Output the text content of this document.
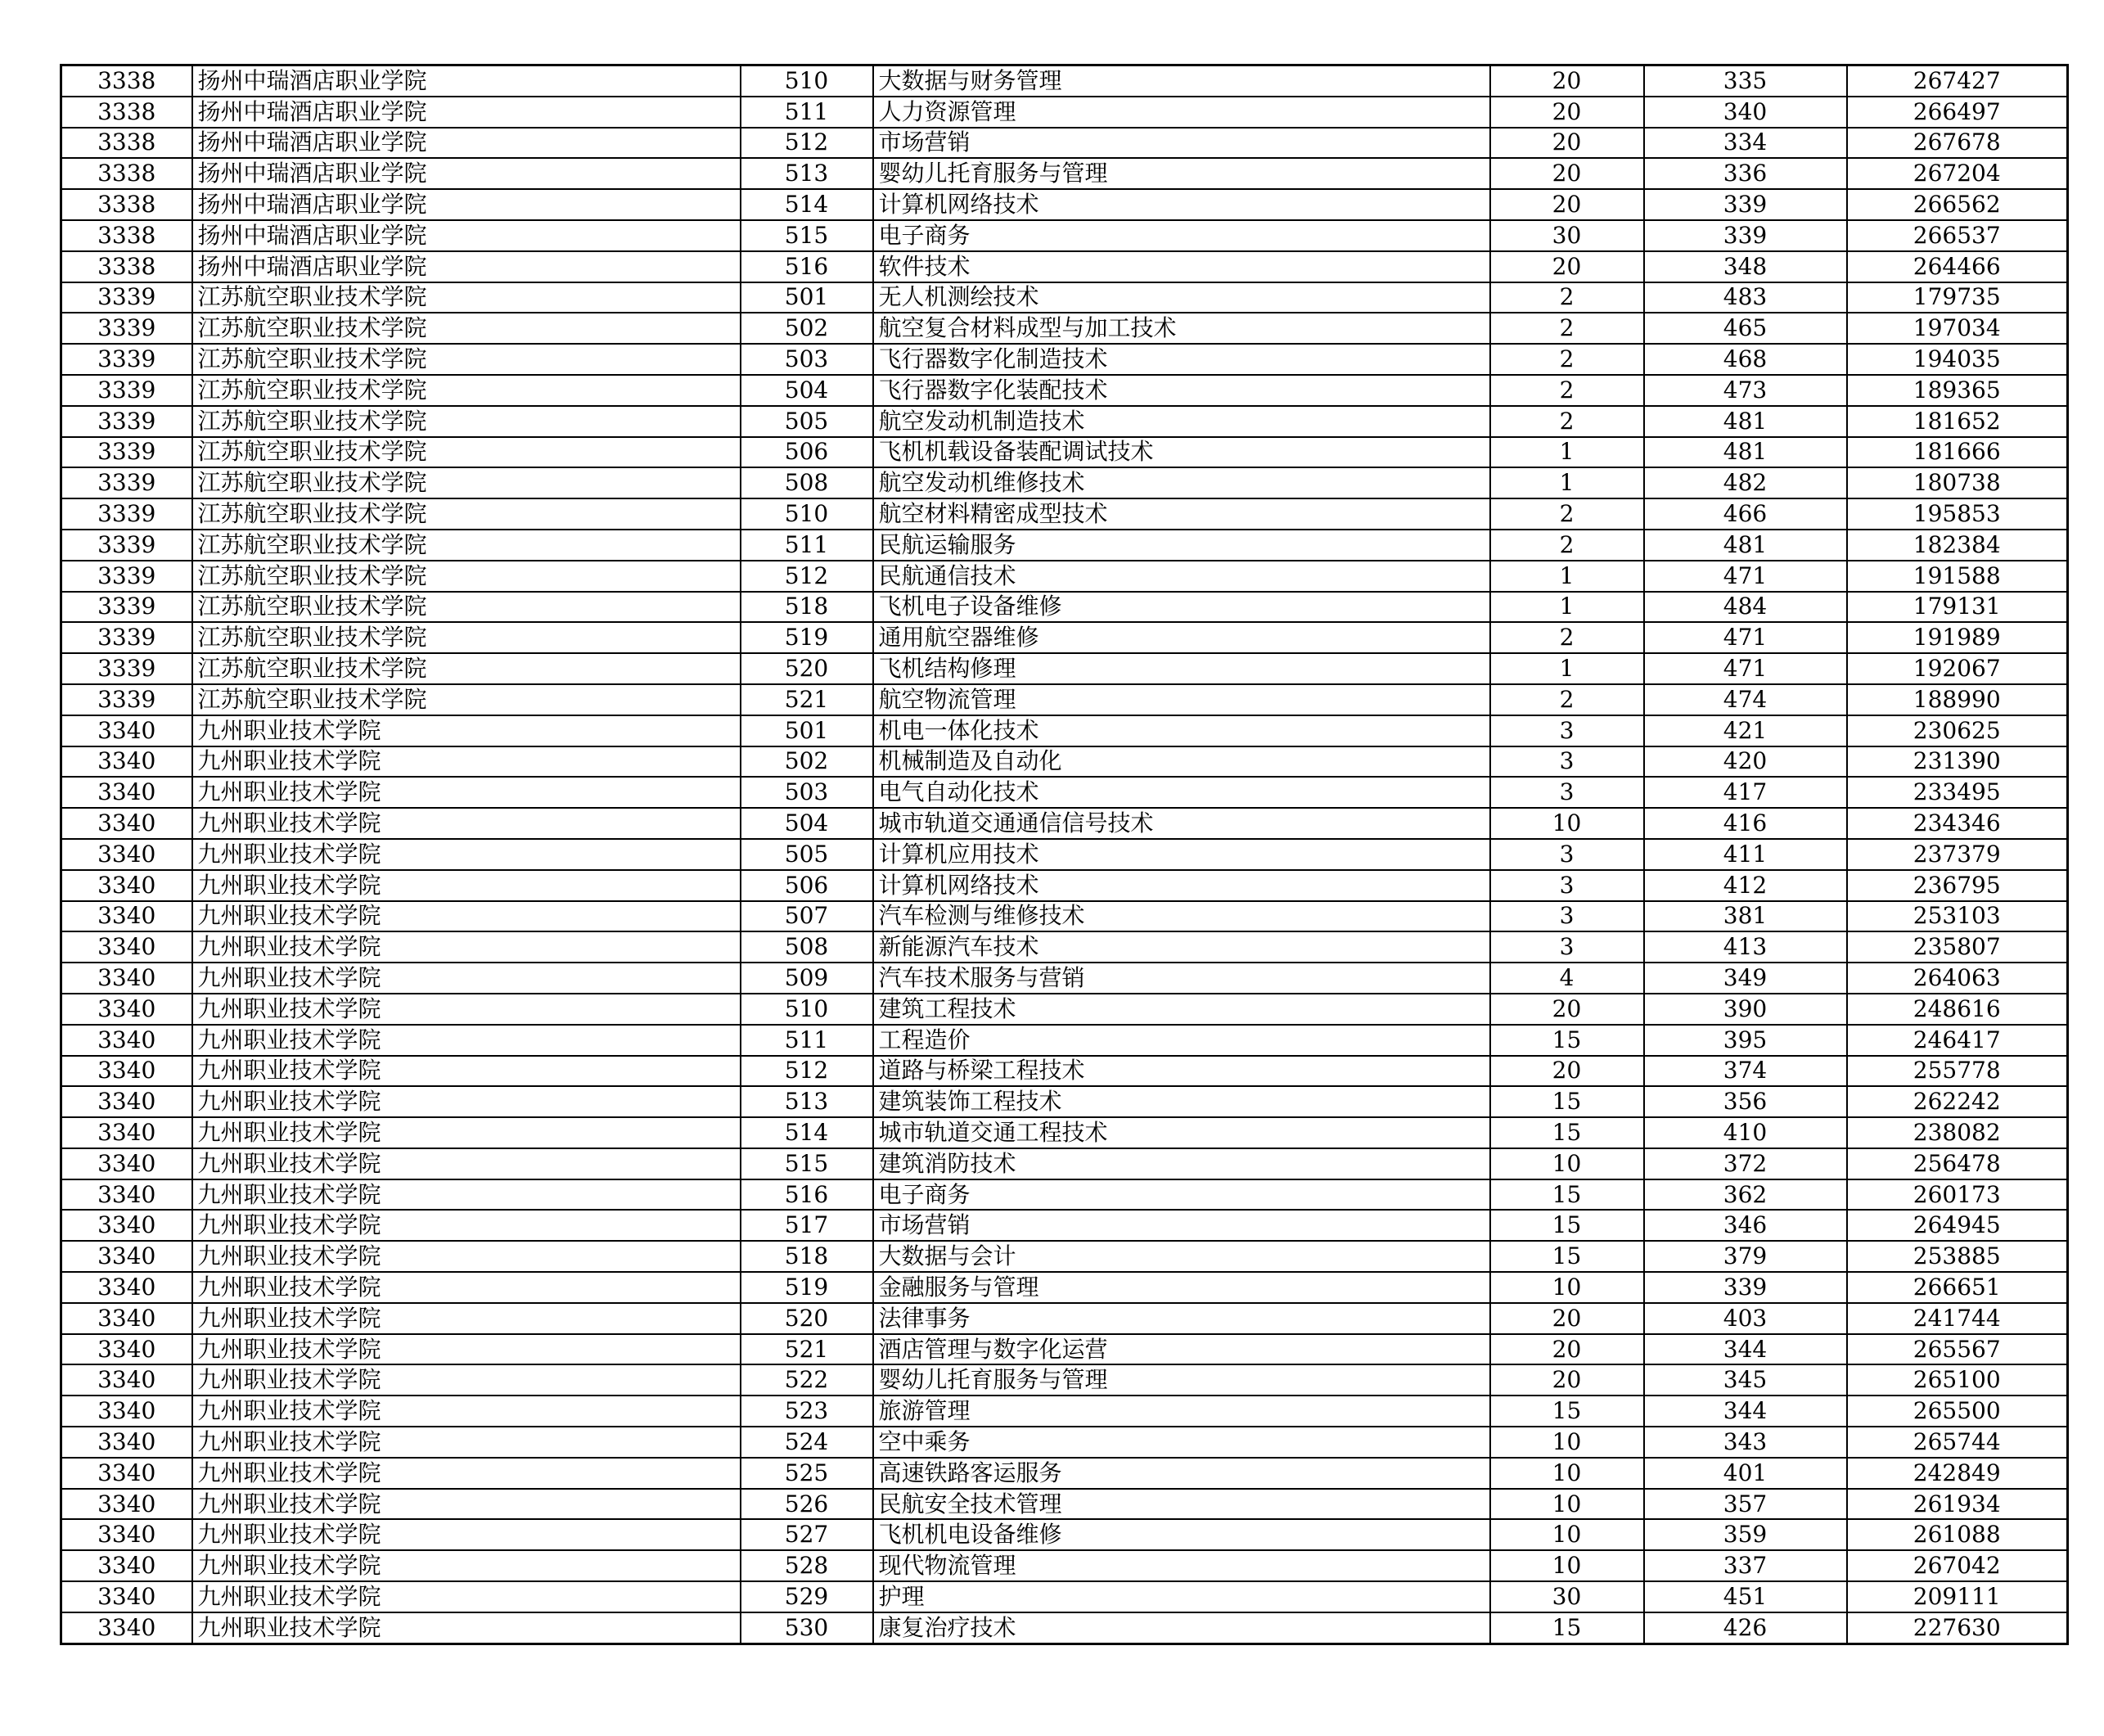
3338	扬州中瑞酒店职业学院	510	大数据与财务管理	20	335	267427
3338	扬州中瑞酒店职业学院	511	人力资源管理	20	340	266497
3338	扬州中瑞酒店职业学院	512	市场营销	20	334	267678
3338	扬州中瑞酒店职业学院	513	婴幼儿托育服务与管理	20	336	267204
3338	扬州中瑞酒店职业学院	514	计算机网络技术	20	339	266562
3338	扬州中瑞酒店职业学院	515	电子商务	30	339	266537
3338	扬州中瑞酒店职业学院	516	软件技术	20	348	264466
3339	江苏航空职业技术学院	501	无人机测绘技术	2	483	179735
3339	江苏航空职业技术学院	502	航空复合材料成型与加工技术	2	465	197034
3339	江苏航空职业技术学院	503	飞行器数字化制造技术	2	468	194035
3339	江苏航空职业技术学院	504	飞行器数字化装配技术	2	473	189365
3339	江苏航空职业技术学院	505	航空发动机制造技术	2	481	181652
3339	江苏航空职业技术学院	506	飞机机载设备装配调试技术	1	481	181666
3339	江苏航空职业技术学院	508	航空发动机维修技术	1	482	180738
3339	江苏航空职业技术学院	510	航空材料精密成型技术	2	466	195853
3339	江苏航空职业技术学院	511	民航运输服务	2	481	182384
3339	江苏航空职业技术学院	512	民航通信技术	1	471	191588
3339	江苏航空职业技术学院	518	飞机电子设备维修	1	484	179131
3339	江苏航空职业技术学院	519	通用航空器维修	2	471	191989
3339	江苏航空职业技术学院	520	飞机结构修理	1	471	192067
3339	江苏航空职业技术学院	521	航空物流管理	2	474	188990
3340	九州职业技术学院	501	机电一体化技术	3	421	230625
3340	九州职业技术学院	502	机械制造及自动化	3	420	231390
3340	九州职业技术学院	503	电气自动化技术	3	417	233495
3340	九州职业技术学院	504	城市轨道交通通信信号技术	10	416	234346
3340	九州职业技术学院	505	计算机应用技术	3	411	237379
3340	九州职业技术学院	506	计算机网络技术	3	412	236795
3340	九州职业技术学院	507	汽车检测与维修技术	3	381	253103
3340	九州职业技术学院	508	新能源汽车技术	3	413	235807
3340	九州职业技术学院	509	汽车技术服务与营销	4	349	264063
3340	九州职业技术学院	510	建筑工程技术	20	390	248616
3340	九州职业技术学院	511	工程造价	15	395	246417
3340	九州职业技术学院	512	道路与桥梁工程技术	20	374	255778
3340	九州职业技术学院	513	建筑装饰工程技术	15	356	262242
3340	九州职业技术学院	514	城市轨道交通工程技术	15	410	238082
3340	九州职业技术学院	515	建筑消防技术	10	372	256478
3340	九州职业技术学院	516	电子商务	15	362	260173
3340	九州职业技术学院	517	市场营销	15	346	264945
3340	九州职业技术学院	518	大数据与会计	15	379	253885
3340	九州职业技术学院	519	金融服务与管理	10	339	266651
3340	九州职业技术学院	520	法律事务	20	403	241744
3340	九州职业技术学院	521	酒店管理与数字化运营	20	344	265567
3340	九州职业技术学院	522	婴幼儿托育服务与管理	20	345	265100
3340	九州职业技术学院	523	旅游管理	15	344	265500
3340	九州职业技术学院	524	空中乘务	10	343	265744
3340	九州职业技术学院	525	高速铁路客运服务	10	401	242849
3340	九州职业技术学院	526	民航安全技术管理	10	357	261934
3340	九州职业技术学院	527	飞机机电设备维修	10	359	261088
3340	九州职业技术学院	528	现代物流管理	10	337	267042
3340	九州职业技术学院	529	护理	30	451	209111
3340	九州职业技术学院	530	康复治疗技术	15	426	227630
